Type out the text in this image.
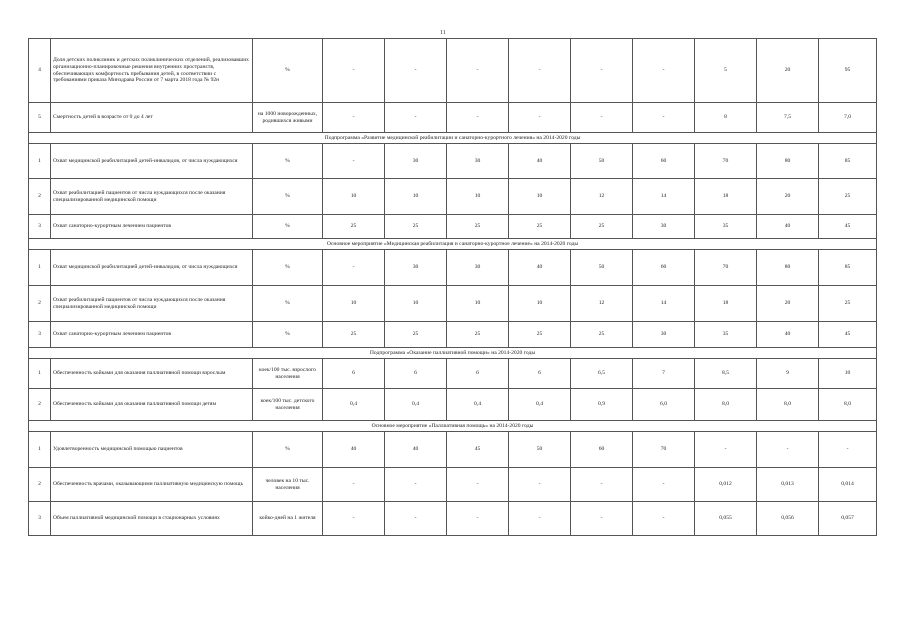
11
4	Доля детских поликлиник и детских поликлинических отделений, реализовавших организационно-планировочные решения внутренних пространств, обеспечивающих комфортность пребывания детей, в соответствии с требованиями приказа Минздрава России от 7 марта 2018 года № 92н	%	-	-	-	-	-	-	5	20	95
5	Смертность детей в возрасте от 0 до 4 лет	на 1000 новорожденных, родившихся живыми	-	-	-	-	-	-	8	7,5	7,0
Подпрограмма «Развитие медицинской реабилитации и санаторно-курортного лечения» на 2014-2020 годы											
1	Охват медицинской реабилитацией детей-инвалидов, от числа нуждающихся	%	-	30	30	40	50	60	70	80	85
2	Охват реабилитацией пациентов от числа нуждающихся после оказания специализированной медицинской помощи	%	10	10	10	10	12	14	18	20	25
3	Охват санаторно-курортным лечением пациентов	%	25	25	25	25	25	30	35	40	45
Основное мероприятие «Медицинская реабилитация и санаторно-курортное лечение» на 2014-2020 годы											
1	Охват медицинской реабилитацией детей-инвалидов, от числа нуждающихся	%	-	30	30	40	50	60	70	80	85
2	Охват реабилитацией пациентов от числа нуждающихся после оказания специализированной медицинской помощи	%	10	10	10	10	12	14	18	20	25
3	Охват санаторно-курортным лечением пациентов	%	25	25	25	25	25	30	35	40	45
Подпрограмма «Оказание паллиативной помощи» на 2014-2020 годы											
1	Обеспеченность койками для оказания паллиативной помощи взрослым	коек/100 тыс. взрослого населения	6	6	6	6	6,5	7	8,5	9	10
2	Обеспеченность койками для оказания паллиативной помощи детям	коек/100 тыс. детского населения	0,4	0,4	0,4	0,4	0,9	6,0	8,0	8,0	8,0
Основное мероприятие «Паллиативная помощь» на 2014-2020 годы											
1	Удовлетворенность медицинской помощью пациентов	%	40	40	45	50	60	70	-	-	-
2	Обеспеченность врачами, оказывающими паллиативную медицинскую помощь	человек на 10 тыс. населения	-	-	-	-	-	-	0,012	0,013	0,014
3	Объем паллиативной медицинской помощи в стационарных условиях	койко-дней на 1 жителя	-	-	-	-	-	-	0,055	0,056	0,057
